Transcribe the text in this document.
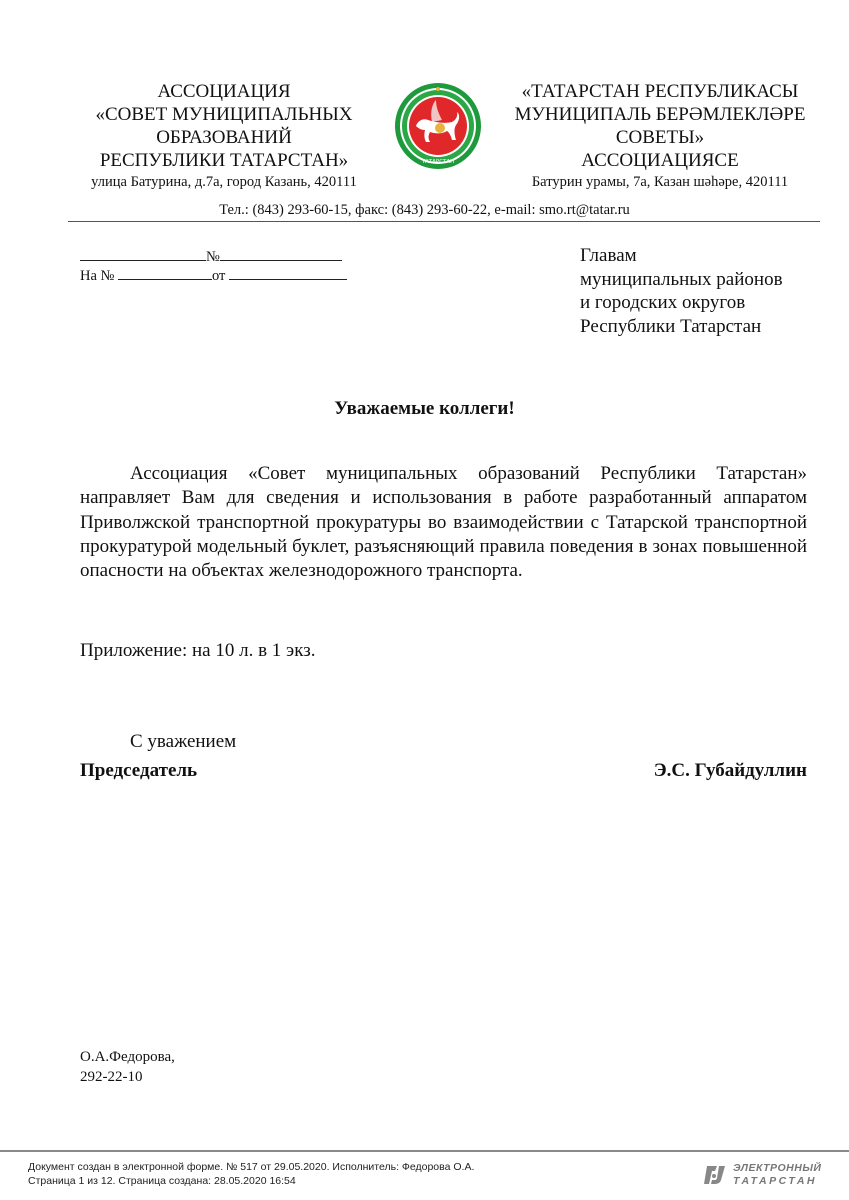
АССОЦИАЦИЯ
«СОВЕТ МУНИЦИПАЛЬНЫХ
ОБРАЗОВАНИЙ
РЕСПУБЛИКИ ТАТАРСТАН»
улица Батурина, д.7а, город Казань, 420111
ТАТАРСТАН
«ТАТАРСТАН РЕСПУБЛИКАСЫ
МУНИЦИПАЛЬ БЕРӘМЛЕКЛӘРЕ
СОВЕТЫ»
АССОЦИАЦИЯСЕ
Батурин урамы, 7а, Казан шәһәре, 420111
Тел.: (843) 293-60-15, факс: (843) 293-60-22, e-mail: smo.rt@tatar.ru
№
На №	от
Главам
муниципальных районов
и городских округов
Республики Татарстан
Уважаемые коллеги!

Ассоциация «Совет муниципальных образований Республики Татарстан» направляет Вам для сведения и использования в работе разработанный аппаратом Приволжской транспортной прокуратуры во взаимодействии с Татарской транспортной прокуратурой модельный буклет, разъясняющий правила поведения в зонах повышенной опасности на объектах железнодорожного транспорта.

Приложение: на 10 л. в 1 экз.
С уважением
Председатель	Э.С. Губайдуллин
О.А.Федорова,
292-22-10
Документ создан в электронной форме. № 517 от 29.05.2020. Исполнитель: Федорова О.А.
Страница 1 из 12. Страница создана: 28.05.2020 16:54
ЭЛЕКТРОННЫЙ
ТАТАРСТАН
